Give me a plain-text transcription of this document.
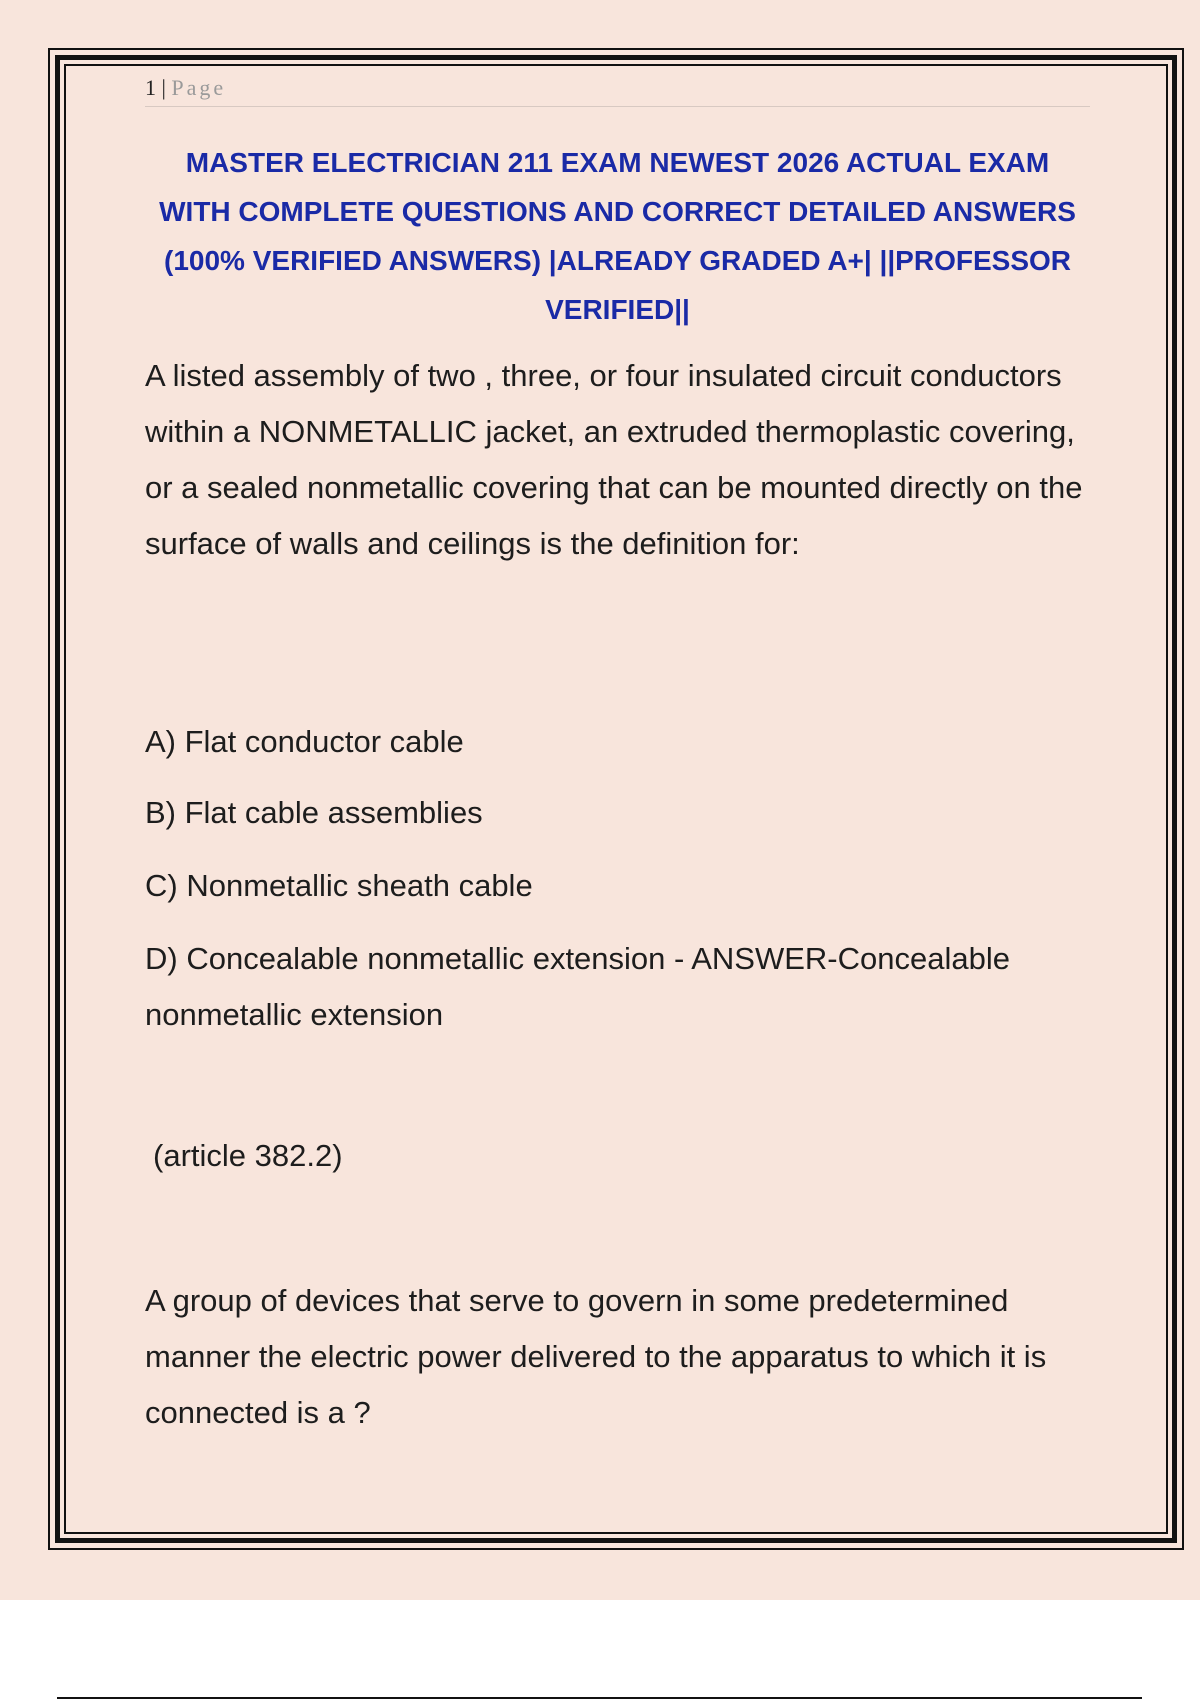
1 | Page
MASTER ELECTRICIAN 211 EXAM NEWEST 2026 ACTUAL EXAM
WITH COMPLETE QUESTIONS AND CORRECT DETAILED ANSWERS
(100% VERIFIED ANSWERS) |ALREADY GRADED A+| ||PROFESSOR
VERIFIED||
A listed assembly of two , three, or four insulated circuit conductors within a NONMETALLIC jacket, an extruded thermoplastic covering, or a sealed nonmetallic covering that can be mounted directly on the surface of walls and ceilings is the definition for:
A) Flat conductor cable
B) Flat cable assemblies
C) Nonmetallic sheath cable
D) Concealable nonmetallic extension - ANSWER-Concealable nonmetallic extension
(article 382.2)
A group of devices that serve to govern in some predetermined manner the electric power delivered to the apparatus to which it is connected is a ?
